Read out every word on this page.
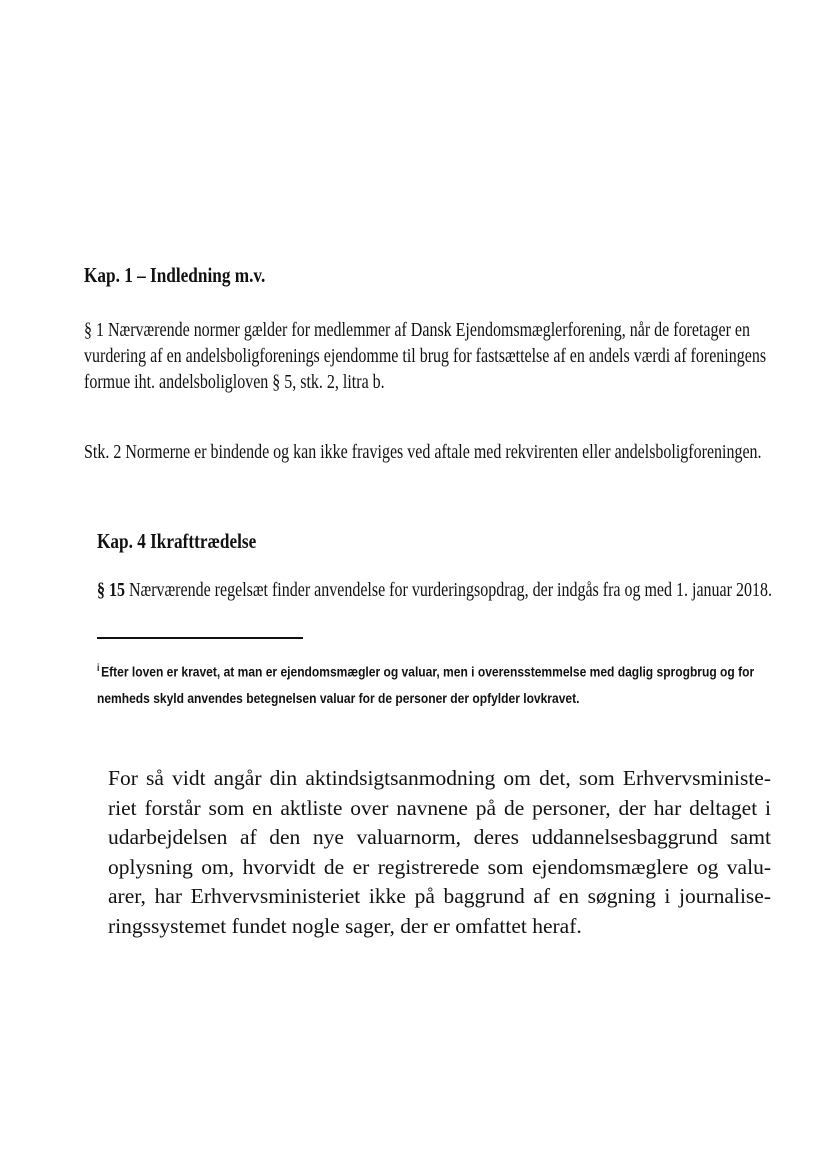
Kap. 1 – Indledning m.v.
§ 1 Nærværende normer gælder for medlemmer af Dansk Ejendomsmæglerforening, når de foretager en
vurdering af en andelsboligforenings ejendomme til brug for fastsættelse af en andels værdi af foreningens
formue iht. andelsboligloven § 5, stk. 2, litra b.
Stk. 2 Normerne er bindende og kan ikke fraviges ved aftale med rekvirenten eller andelsboligforeningen.
Kap. 4 Ikrafttrædelse
§ 15 Nærværende regelsæt finder anvendelse for vurderingsopdrag, der indgås fra og med 1. januar 2018.
$^i$ Efter loven er kravet, at man er ejendomsmægler og valuar, men i overensstemmelse med daglig sprogbrug og for
nemheds skyld anvendes betegnelsen valuar for de personer der opfylder lovkravet.
For så vidt angår din aktindsigtsanmodning om det, som Erhvervsministe-
riet forstår som en aktliste over navnene på de personer, der har deltaget i
udarbejdelsen af den nye valuarnorm, deres uddannelsesbaggrund samt
oplysning om, hvorvidt de er registrerede som ejendomsmæglere og valu-
arer, har Erhvervsministeriet ikke på baggrund af en søgning i journalise-
ringssystemet fundet nogle sager, der er omfattet heraf.
